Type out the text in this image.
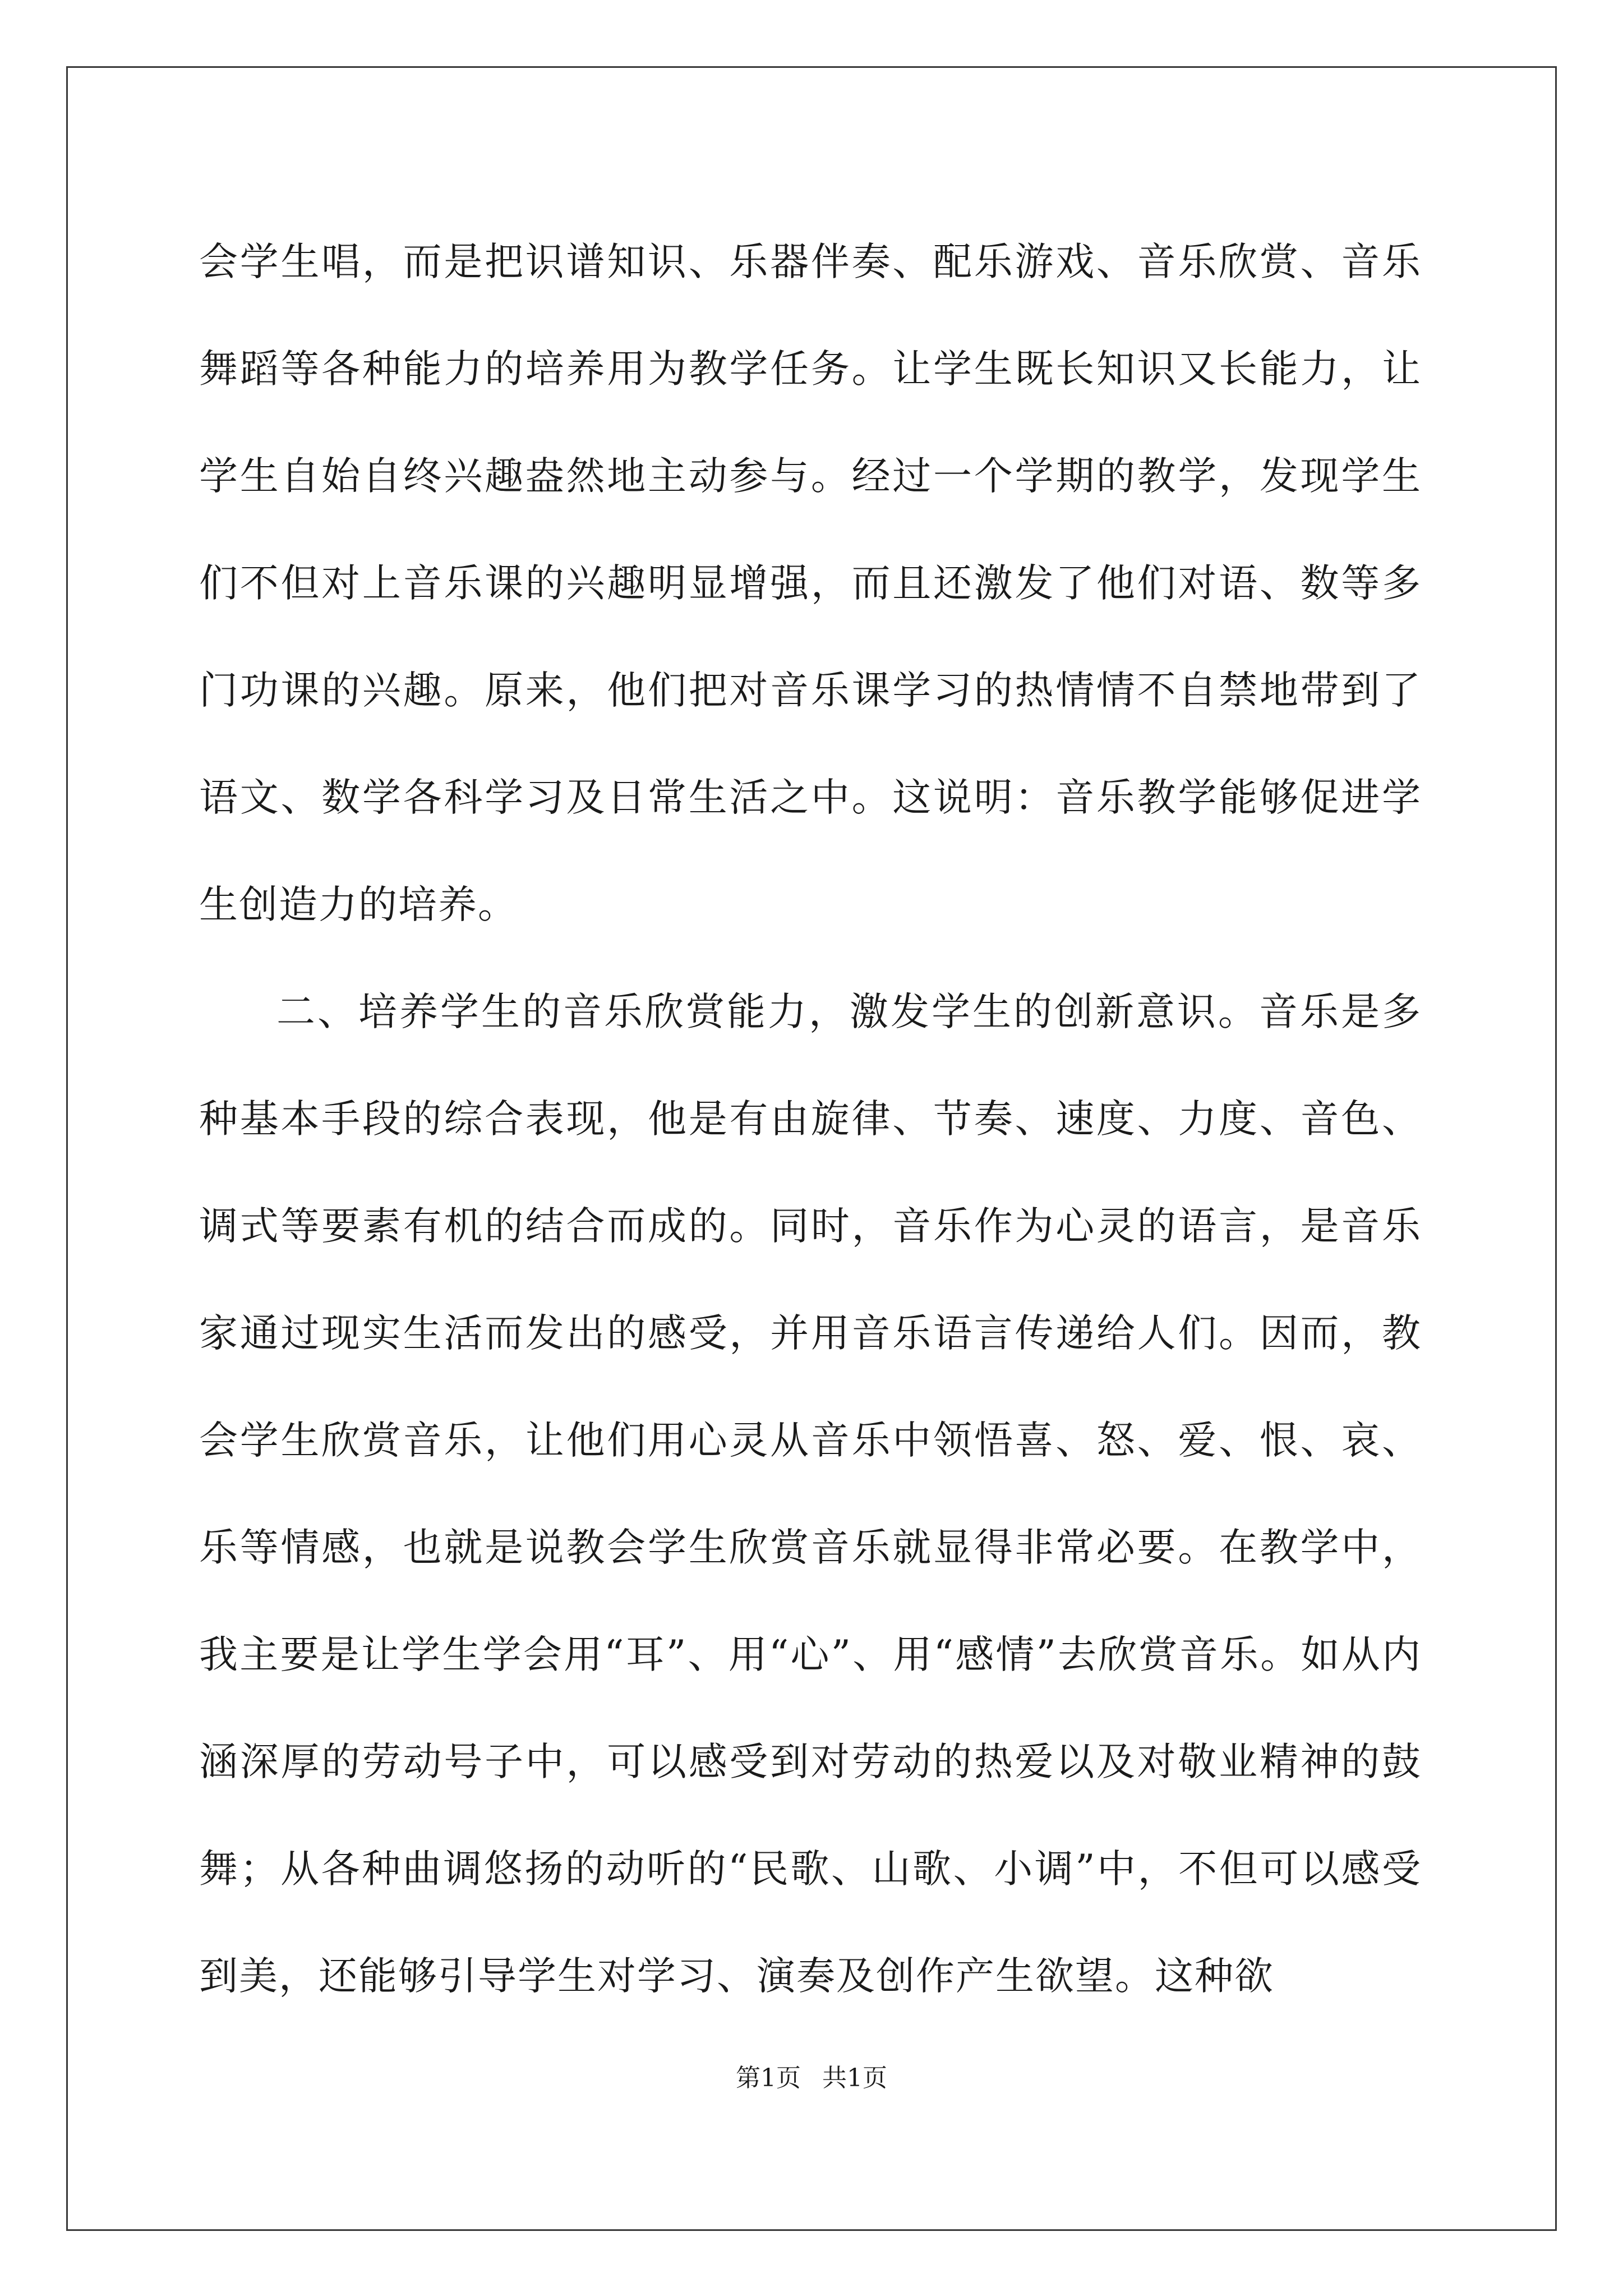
会学生唱，而是把识谱知识、乐器伴奏、配乐游戏、音乐欣赏、音乐舞蹈等各种能力的培养用为教学任务。让学生既长知识又长能力，让学生自始自终兴趣盎然地主动参与。经过一个学期的教学，发现学生们不但对上音乐课的兴趣明显增强，而且还激发了他们对语、数等多门功课的兴趣。原来，他们把对音乐课学习的热情情不自禁地带到了语文、数学各科学习及日常生活之中。这说明：音乐教学能够促进学生创造力的培养。

二、培养学生的音乐欣赏能力，激发学生的创新意识。音乐是多种基本手段的综合表现，他是有由旋律、节奏、速度、力度、音色、调式等要素有机的结合而成的。同时，音乐作为心灵的语言，是音乐家通过现实生活而发出的感受，并用音乐语言传递给人们。因而，教会学生欣赏音乐，让他们用心灵从音乐中领悟喜、怒、爱、恨、哀、乐等情感，也就是说教会学生欣赏音乐就显得非常必要。在教学中，我主要是让学生学会用“耳”、用“心”、用“感情”去欣赏音乐。如从内涵深厚的劳动号子中，可以感受到对劳动的热爱以及对敬业精神的鼓舞；从各种曲调悠扬的动听的“民歌、山歌、小调”中，不但可以感受到美，还能够引导学生对学习、演奏及创作产生欲望。这种欲

第1页 共1页
